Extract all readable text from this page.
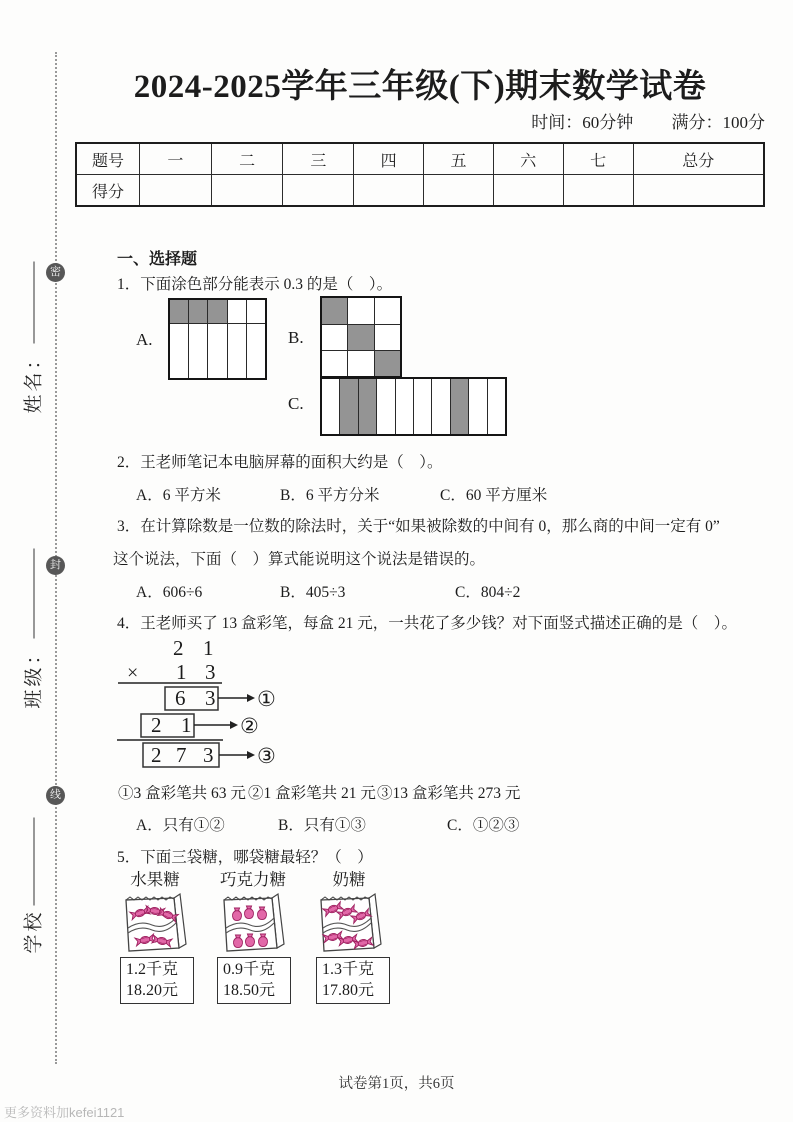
密
封
线
姓名：
班级：
学校
2024-2025学年三年级(下)期末数学试卷
时间：60分钟 满分：100分
题号	一	二	三	四	五	六	七	总分
得分								
一、选择题
1．下面涂色部分能表示 0.3 的是（　）。
A.	B.
C.
2．王老师笔记本电脑屏幕的面积大约是（　）。
A．6 平方米	B．6 平方分米	C．60 平方厘米
3．在计算除数是一位数的除法时，关于“如果被除数的中间有 0，那么商的中间一定有 0”
这个说法，下面（　）算式能说明这个说法是错误的。
A．606÷6	B．405÷3	C．804÷2
4．王老师买了 13 盒彩笔，每盒 21 元，一共花了多少钱？对下面竖式描述正确的是（　）。
2 1
× 1 3
6 3 ①
2 1 ②
2 7 3 ③
①3 盒彩笔共 63 元 ②1 盒彩笔共 21 元 ③13 盒彩笔共 273 元
A．只有①②	B．只有①③	C．①②③
5．下面三袋糖，哪袋糖最轻？（　）
水果糖
1.2千克
18.20元
巧克力糖
0.9千克
18.50元
奶糖
1.3千克
17.80元
试卷第1页，共6页
更多资料加kefei1121
